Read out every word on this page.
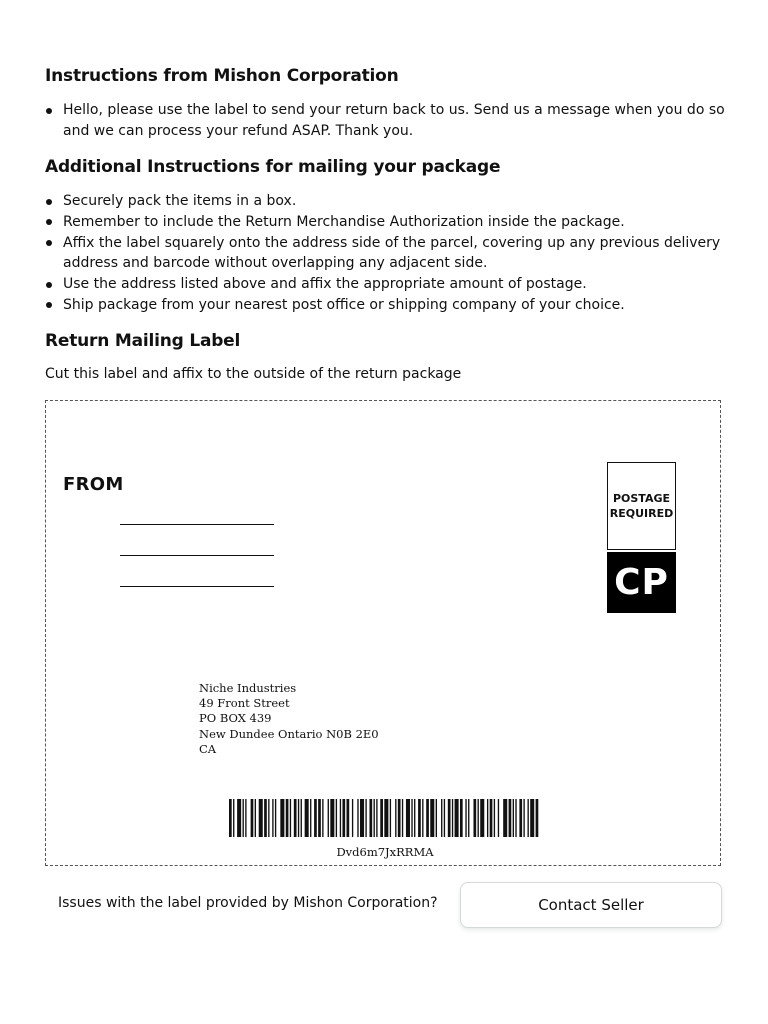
Instructions from Mishon Corporation
Hello, please use the label to send your return back to us. Send us a message when you do so and we can process your refund ASAP. Thank you.
Additional Instructions for mailing your package
Securely pack the items in a box.
Remember to include the Return Merchandise Authorization inside the package.
Affix the label squarely onto the address side of the parcel, covering up any previous delivery address and barcode without overlapping any adjacent side.
Use the address listed above and affix the appropriate amount of postage.
Ship package from your nearest post office or shipping company of your choice.
Return Mailing Label
Cut this label and affix to the outside of the return package
FROM
POSTAGE
REQUIRED
CP
Niche Industries
49 Front Street
PO BOX 439
New Dundee Ontario N0B 2E0
CA
Dvd6m7JxRRMA
Issues with the label provided by Mishon Corporation?	Contact Seller
